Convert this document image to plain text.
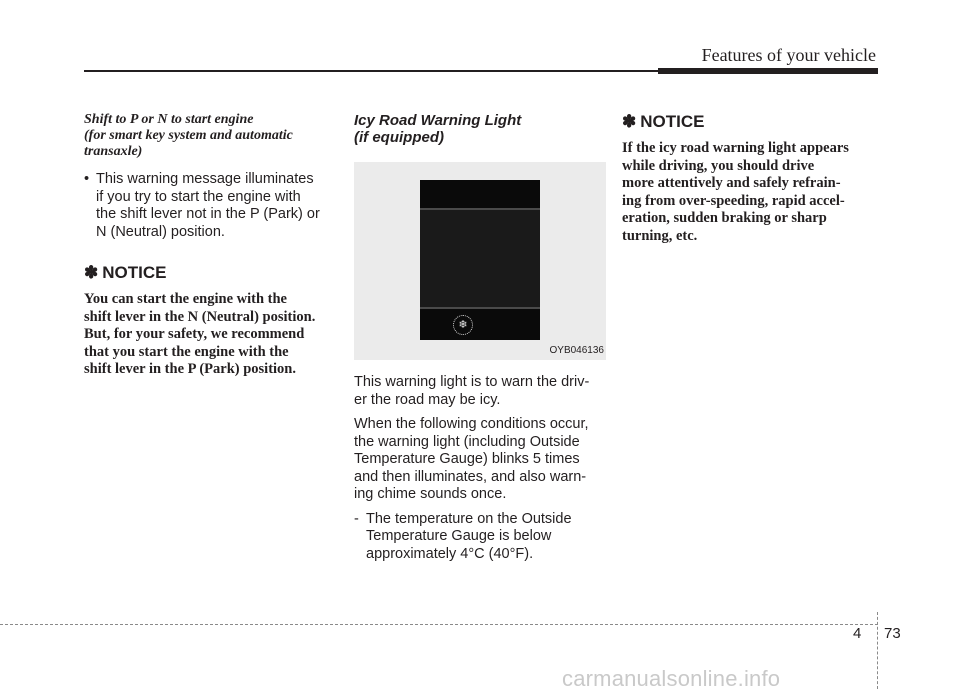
Features of your vehicle
Shift to P or N to start engine
(for smart key system and automatic
transaxle)
• This warning message illuminates
if you try to start the engine with
the shift lever not in the P (Park) or
N (Neutral) position.
✽ NOTICE
You can start the engine with the
shift lever in the N (Neutral) position.
But, for your safety, we recommend
that you start the engine with the
shift lever in the P (Park) position.
Icy Road Warning Light
(if equipped)
❄
OYB046136
This warning light is to warn the driv-
er the road may be icy.
When the following conditions occur,
the warning light (including Outside
Temperature Gauge) blinks 5 times
and then illuminates, and also warn-
ing chime sounds once.
- The temperature on the Outside
Temperature Gauge is below
approximately 4°C (40°F).
✽ NOTICE
If the icy road warning light appears
while driving, you should drive
more attentively and safely refrain-
ing from over-speeding, rapid accel-
eration, sudden braking or sharp
turning, etc.
4 73
carmanualsonline.info
